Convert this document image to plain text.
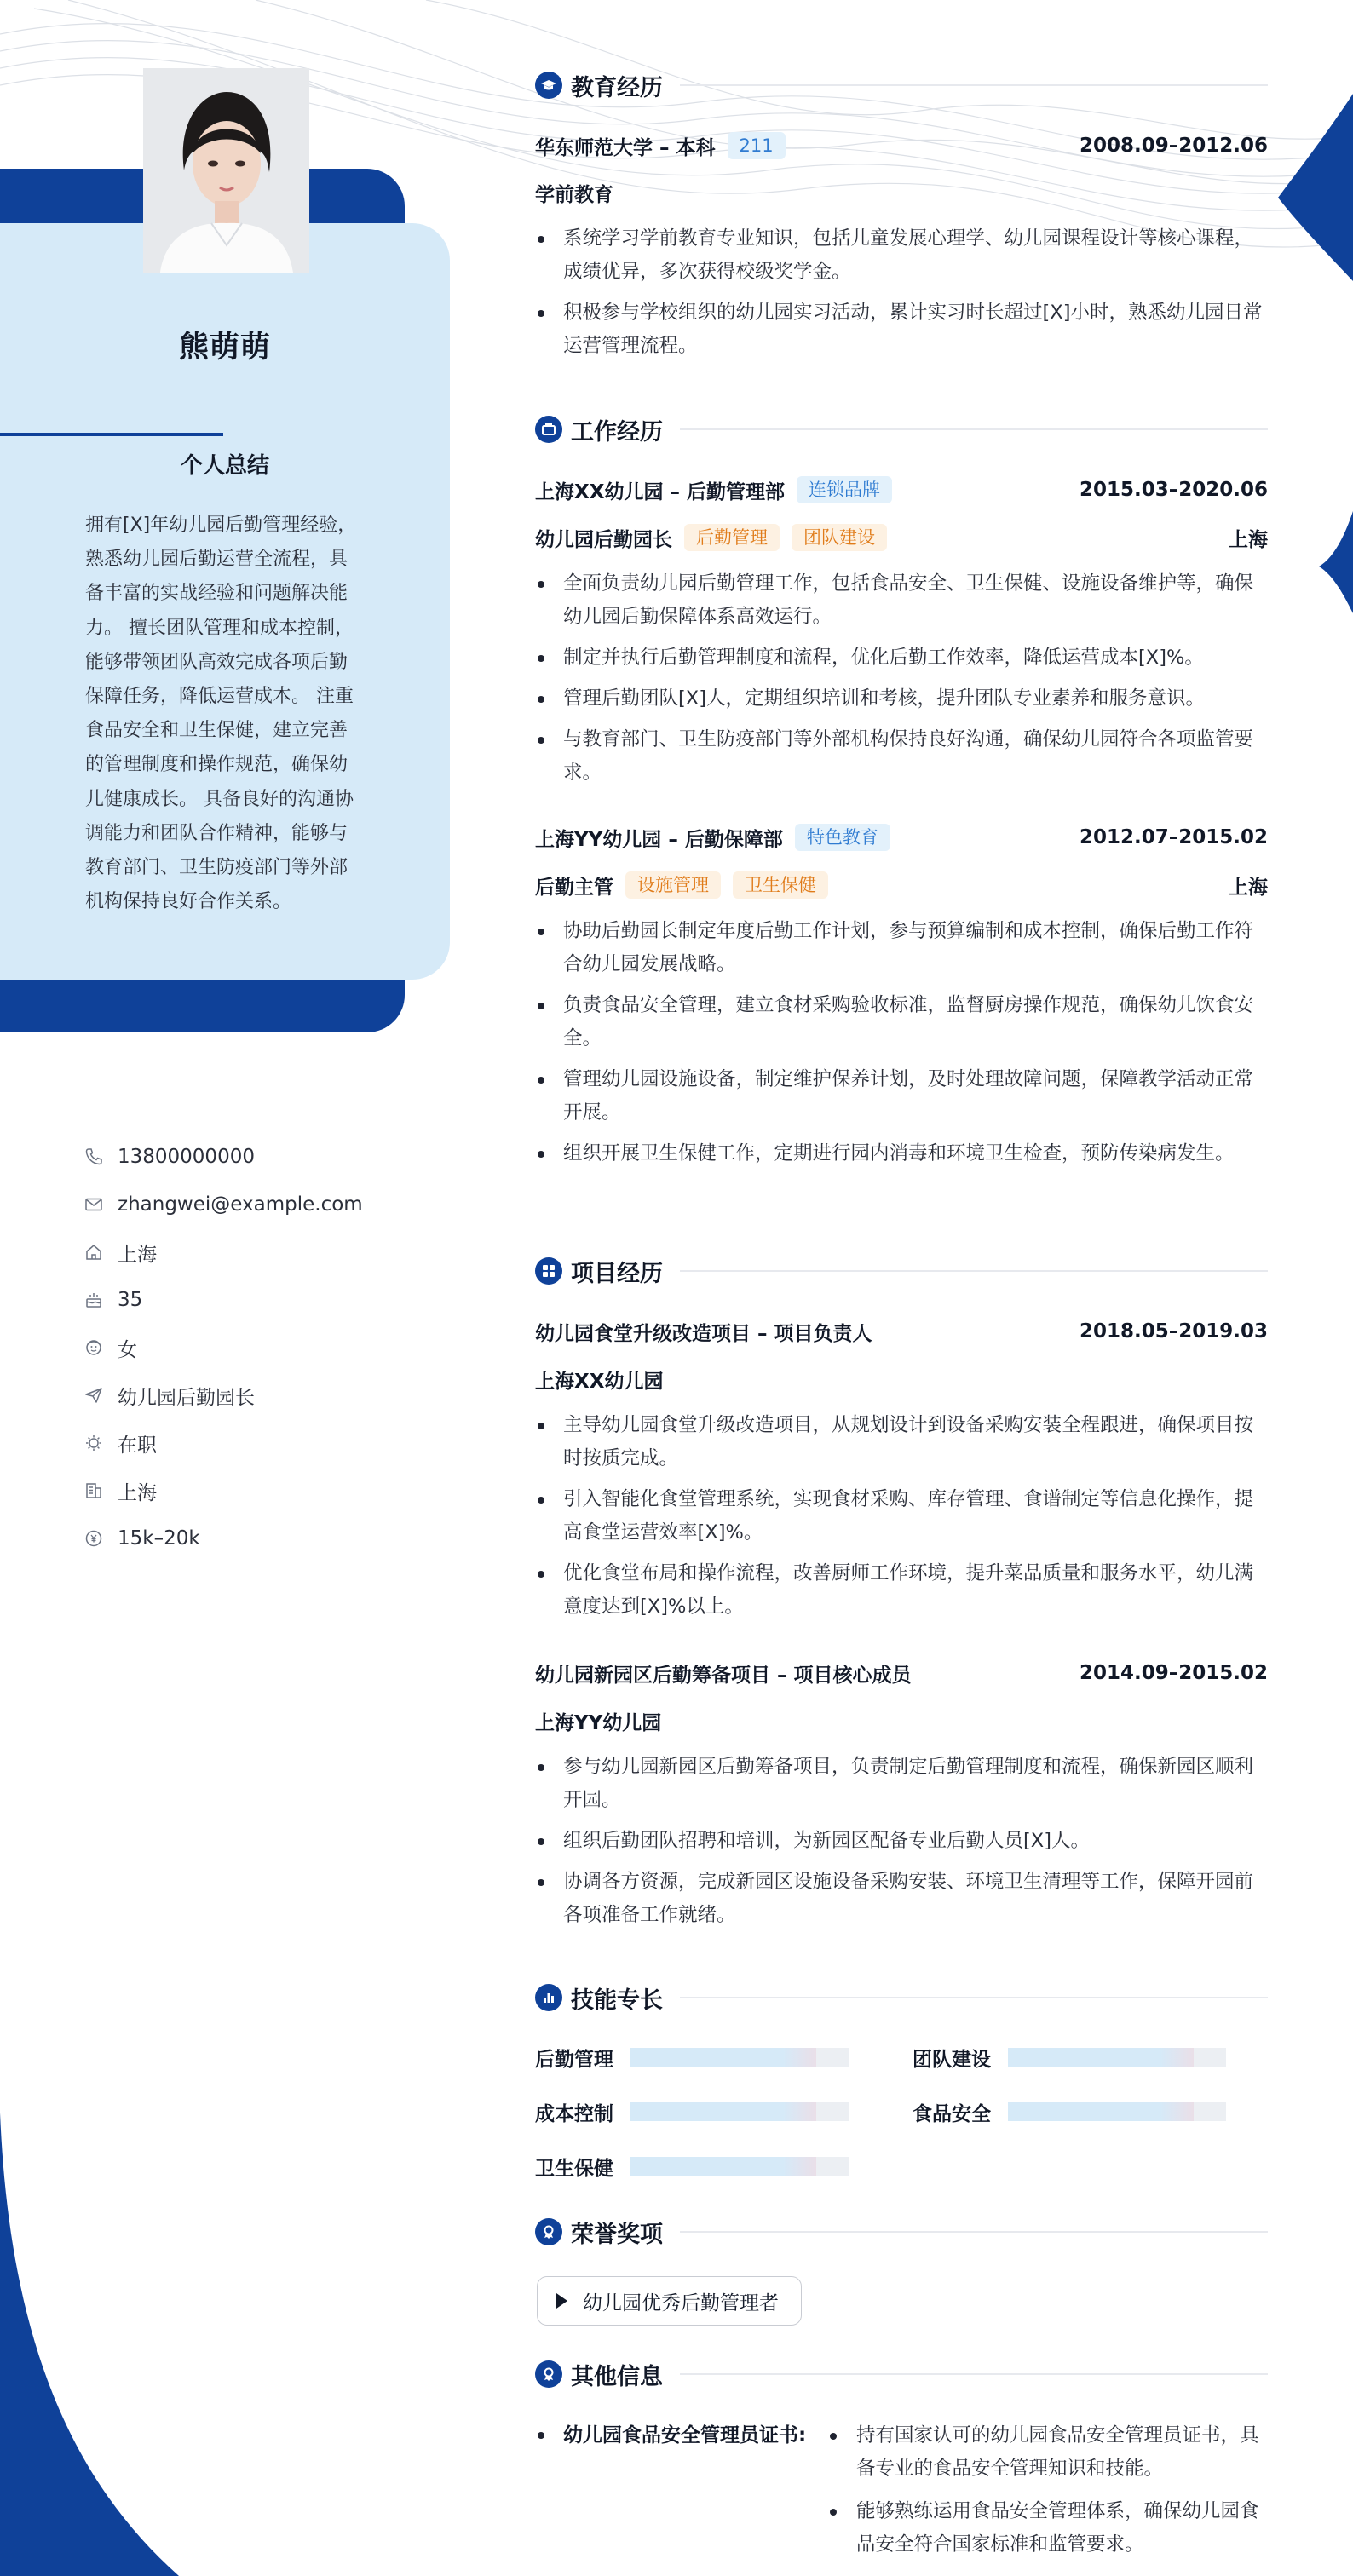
熊萌萌
个人总结
拥有[X]年幼儿园后勤管理经验，熟悉幼儿园后勤运营全流程，具备丰富的实战经验和问题解决能力。 擅长团队管理和成本控制，能够带领团队高效完成各项后勤保障任务，降低运营成本。 注重食品安全和卫生保健，建立完善的管理制度和操作规范，确保幼儿健康成长。 具备良好的沟通协调能力和团队合作精神，能够与教育部门、卫生防疫部门等外部机构保持良好合作关系。
13800000000
zhangwei@example.com
上海
35
女
幼儿园后勤园长
在职
上海
15k–20k
教育经历
华东师范大学 – 本科	211	2008.09–2012.06
学前教育
系统学习学前教育专业知识，包括儿童发展心理学、幼儿园课程设计等核心课程，成绩优异，多次获得校级奖学金。
积极参与学校组织的幼儿园实习活动，累计实习时长超过[X]小时，熟悉幼儿园日常运营管理流程。
工作经历
上海XX幼儿园 – 后勤管理部	连锁品牌	2015.03–2020.06
幼儿园后勤园长	后勤管理	团队建设	上海
全面负责幼儿园后勤管理工作，包括食品安全、卫生保健、设施设备维护等，确保幼儿园后勤保障体系高效运行。
制定并执行后勤管理制度和流程，优化后勤工作效率，降低运营成本[X]%。
管理后勤团队[X]人，定期组织培训和考核，提升团队专业素养和服务意识。
与教育部门、卫生防疫部门等外部机构保持良好沟通，确保幼儿园符合各项监管要求。
上海YY幼儿园 – 后勤保障部	特色教育	2012.07–2015.02
后勤主管	设施管理	卫生保健	上海
协助后勤园长制定年度后勤工作计划，参与预算编制和成本控制，确保后勤工作符合幼儿园发展战略。
负责食品安全管理，建立食材采购验收标准，监督厨房操作规范，确保幼儿饮食安全。
管理幼儿园设施设备，制定维护保养计划，及时处理故障问题，保障教学活动正常开展。
组织开展卫生保健工作，定期进行园内消毒和环境卫生检查，预防传染病发生。
项目经历
幼儿园食堂升级改造项目 – 项目负责人	2018.05–2019.03
上海XX幼儿园
主导幼儿园食堂升级改造项目，从规划设计到设备采购安装全程跟进，确保项目按时按质完成。
引入智能化食堂管理系统，实现食材采购、库存管理、食谱制定等信息化操作，提高食堂运营效率[X]%。
优化食堂布局和操作流程，改善厨师工作环境，提升菜品质量和服务水平，幼儿满意度达到[X]%以上。
幼儿园新园区后勤筹备项目 – 项目核心成员	2014.09–2015.02
上海YY幼儿园
参与幼儿园新园区后勤筹备项目，负责制定后勤管理制度和流程，确保新园区顺利开园。
组织后勤团队招聘和培训，为新园区配备专业后勤人员[X]人。
协调各方资源，完成新园区设施设备采购安装、环境卫生清理等工作，保障开园前各项准备工作就绪。
技能专长
后勤管理	团队建设
成本控制	食品安全
卫生保健
荣誉奖项
幼儿园优秀后勤管理者
其他信息
幼儿园食品安全管理员证书:	持有国家认可的幼儿园食品安全管理员证书，具备专业的食品安全管理知识和技能。
能够熟练运用食品安全管理体系，确保幼儿园食品安全符合国家标准和监管要求。
